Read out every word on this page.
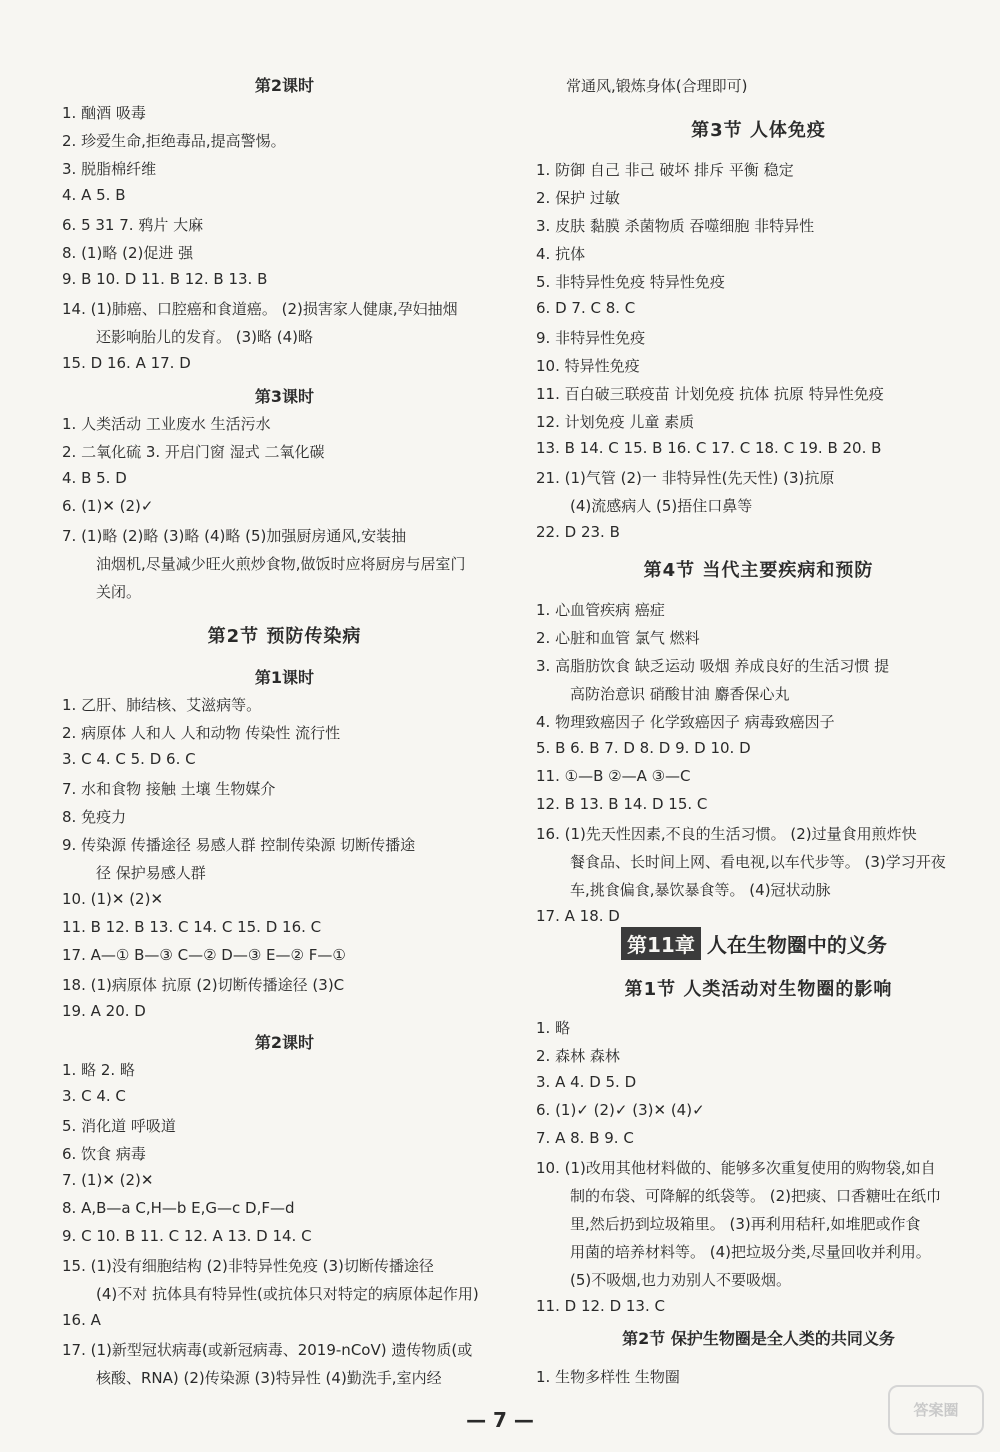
第2课时
1. 酗酒 吸毒
2. 珍爱生命,拒绝毒品,提高警惕。
3. 脱脂棉纤维
4. A 5. B
6. 5 31 7. 鸦片 大麻
8. (1)略 (2)促进 强
9. B 10. D 11. B 12. B 13. B
14. (1)肺癌、口腔癌和食道癌。 (2)损害家人健康,孕妇抽烟
还影响胎儿的发育。 (3)略 (4)略
15. D 16. A 17. D
第3课时
1. 人类活动 工业废水 生活污水
2. 二氧化硫 3. 开启门窗 湿式 二氧化碳
4. B 5. D
6. (1)✕ (2)✓
7. (1)略 (2)略 (3)略 (4)略 (5)加强厨房通风,安装抽
油烟机,尽量减少旺火煎炒食物,做饭时应将厨房与居室门
关闭。
第2节 预防传染病
第1课时
1. 乙肝、肺结核、艾滋病等。
2. 病原体 人和人 人和动物 传染性 流行性
3. C 4. C 5. D 6. C
7. 水和食物 接触 土壤 生物媒介
8. 免疫力
9. 传染源 传播途径 易感人群 控制传染源 切断传播途
径 保护易感人群
10. (1)✕ (2)✕
11. B 12. B 13. C 14. C 15. D 16. C
17. A—① B—③ C—② D—③ E—② F—①
18. (1)病原体 抗原 (2)切断传播途径 (3)C
19. A 20. D
第2课时
1. 略 2. 略
3. C 4. C
5. 消化道 呼吸道
6. 饮食 病毒
7. (1)✕ (2)✕
8. A,B—a C,H—b E,G—c D,F—d
9. C 10. B 11. C 12. A 13. D 14. C
15. (1)没有细胞结构 (2)非特异性免疫 (3)切断传播途径
(4)不对 抗体具有特异性(或抗体只对特定的病原体起作用)
16. A
17. (1)新型冠状病毒(或新冠病毒、2019-nCoV) 遗传物质(或
核酸、RNA) (2)传染源 (3)特异性 (4)勤洗手,室内经
常通风,锻炼身体(合理即可)
第3节 人体免疫
1. 防御 自己 非己 破坏 排斥 平衡 稳定
2. 保护 过敏
3. 皮肤 黏膜 杀菌物质 吞噬细胞 非特异性
4. 抗体
5. 非特异性免疫 特异性免疫
6. D 7. C 8. C
9. 非特异性免疫
10. 特异性免疫
11. 百白破三联疫苗 计划免疫 抗体 抗原 特异性免疫
12. 计划免疫 儿童 素质
13. B 14. C 15. B 16. C 17. C 18. C 19. B 20. B
21. (1)气管 (2)一 非特异性(先天性) (3)抗原
(4)流感病人 (5)捂住口鼻等
22. D 23. B
第4节 当代主要疾病和预防
1. 心血管疾病 癌症
2. 心脏和血管 氯气 燃料
3. 高脂肪饮食 缺乏运动 吸烟 养成良好的生活习惯 提
高防治意识 硝酸甘油 麝香保心丸
4. 物理致癌因子 化学致癌因子 病毒致癌因子
5. B 6. B 7. D 8. D 9. D 10. D
11. ①—B ②—A ③—C
12. B 13. B 14. D 15. C
16. (1)先天性因素,不良的生活习惯。 (2)过量食用煎炸快
餐食品、长时间上网、看电视,以车代步等。 (3)学习开夜
车,挑食偏食,暴饮暴食等。 (4)冠状动脉
17. A 18. D
第11章 人在生物圈中的义务
第1节 人类活动对生物圈的影响
1. 略
2. 森林 森林
3. A 4. D 5. D
6. (1)✓ (2)✓ (3)✕ (4)✓
7. A 8. B 9. C
10. (1)改用其他材料做的、能够多次重复使用的购物袋,如自
制的布袋、可降解的纸袋等。 (2)把痰、口香糖吐在纸巾
里,然后扔到垃圾箱里。 (3)再利用秸秆,如堆肥或作食
用菌的培养材料等。 (4)把垃圾分类,尽量回收并利用。
(5)不吸烟,也力劝别人不要吸烟。
11. D 12. D 13. C
第2节 保护生物圈是全人类的共同义务
1. 生物多样性 生物圈
— 7 —	答案圈
